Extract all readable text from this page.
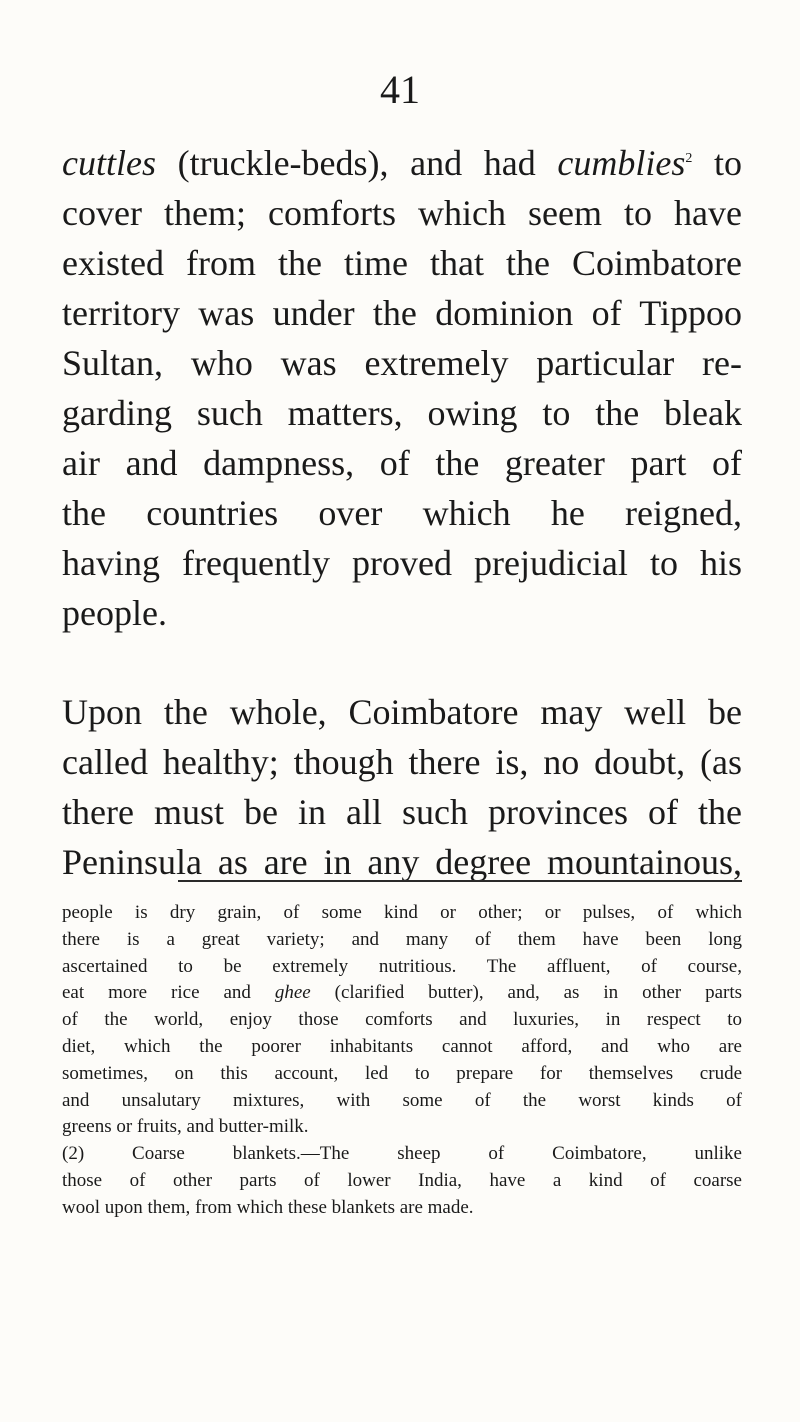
41
cuttles (truckle-beds), and had cumblies$^2$ to
cover them; comforts which seem to have
existed from the time that the Coimbatore
territory was under the dominion of Tippoo
Sultan, who was extremely particular re-
garding such matters, owing to the bleak
air and dampness, of the greater part of
the countries over which he reigned,
having frequently proved prejudicial to his
people.
Upon the whole, Coimbatore may well be
called healthy; though there is, no doubt, (as
there must be in all such provinces of the
Peninsula as are in any degree mountainous,
people is dry grain, of some kind or other; or pulses, of which
there is a great variety; and many of them have been long
ascertained to be extremely nutritious. The affluent, of course,
eat more rice and ghee (clarified butter), and, as in other parts
of the world, enjoy those comforts and luxuries, in respect to
diet, which the poorer inhabitants cannot afford, and who are
sometimes, on this account, led to prepare for themselves crude
and unsalutary mixtures, with some of the worst kinds of
greens or fruits, and butter-milk.
(2) Coarse blankets.—The sheep of Coimbatore, unlike
those of other parts of lower India, have a kind of coarse
wool upon them, from which these blankets are made.
